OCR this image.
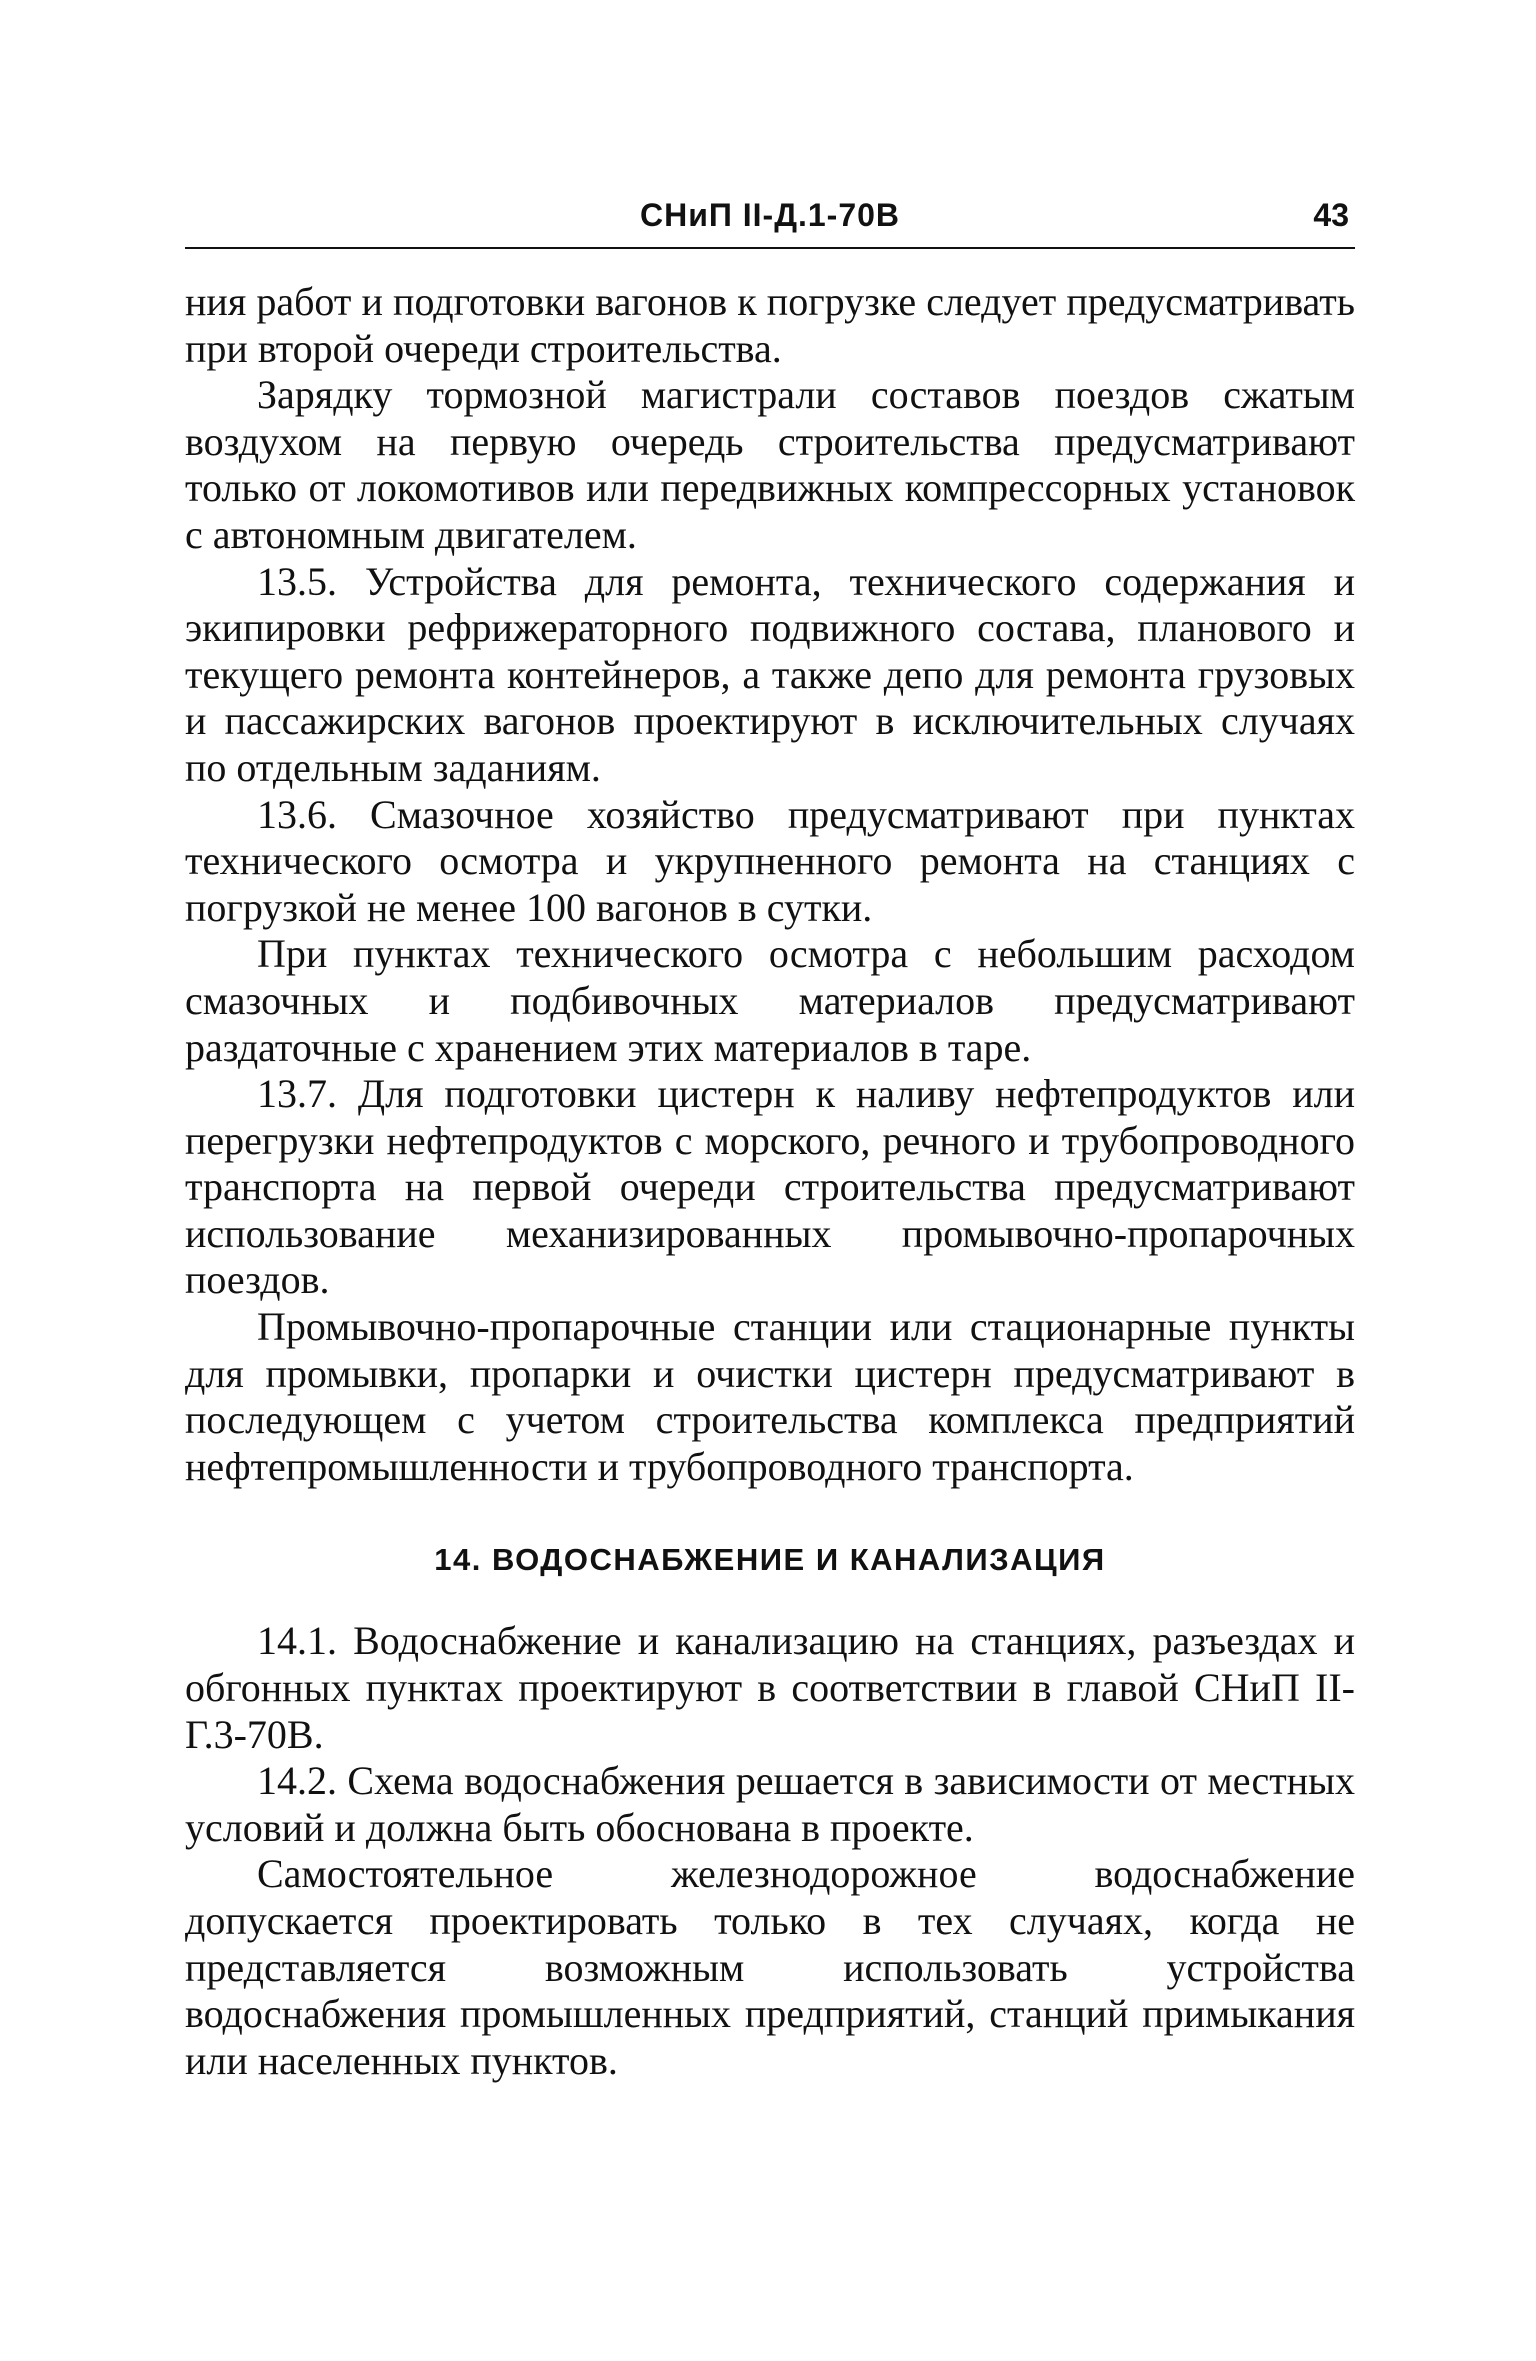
СНиП II-Д.1-70В	43

ния работ и подготовки вагонов к погрузке следует предусматривать при второй очереди строительства.

Зарядку тормозной магистрали составов поездов сжатым воздухом на первую очередь строительства предусматривают только от локомотивов или передвижных компрессорных установок с автономным двигателем.

13.5. Устройства для ремонта, технического содержания и экипировки рефрижераторного подвижного состава, планового и текущего ремонта контейнеров, а также депо для ремонта грузовых и пассажирских вагонов проектируют в исключительных случаях по отдельным заданиям.

13.6. Смазочное хозяйство предусматривают при пунктах технического осмотра и укрупненного ремонта на станциях с погрузкой не менее 100 вагонов в сутки.

При пунктах технического осмотра с небольшим расходом смазочных и подбивочных материалов предусматривают раздаточные с хранением этих материалов в таре.

13.7. Для подготовки цистерн к наливу нефтепродуктов или перегрузки нефтепродуктов с морского, речного и трубопроводного транспорта на первой очереди строительства предусматривают использование механизированных промывочно-пропарочных поездов.

Промывочно-пропарочные станции или стационарные пункты для промывки, пропарки и очистки цистерн предусматривают в последующем с учетом строительства комплекса предприятий нефтепромышленности и трубопроводного транспорта.

14. ВОДОСНАБЖЕНИЕ И КАНАЛИЗАЦИЯ

14.1. Водоснабжение и канализацию на станциях, разъездах и обгонных пунктах проектируют в соответствии в главой СНиП II-Г.3-70В.

14.2. Схема водоснабжения решается в зависимости от местных условий и должна быть обоснована в проекте.

Самостоятельное железнодорожное водоснабжение допускается проектировать только в тех случаях, когда не представляется возможным использовать устройства водоснабжения промышленных предприятий, станций примыкания или населенных пунктов.
